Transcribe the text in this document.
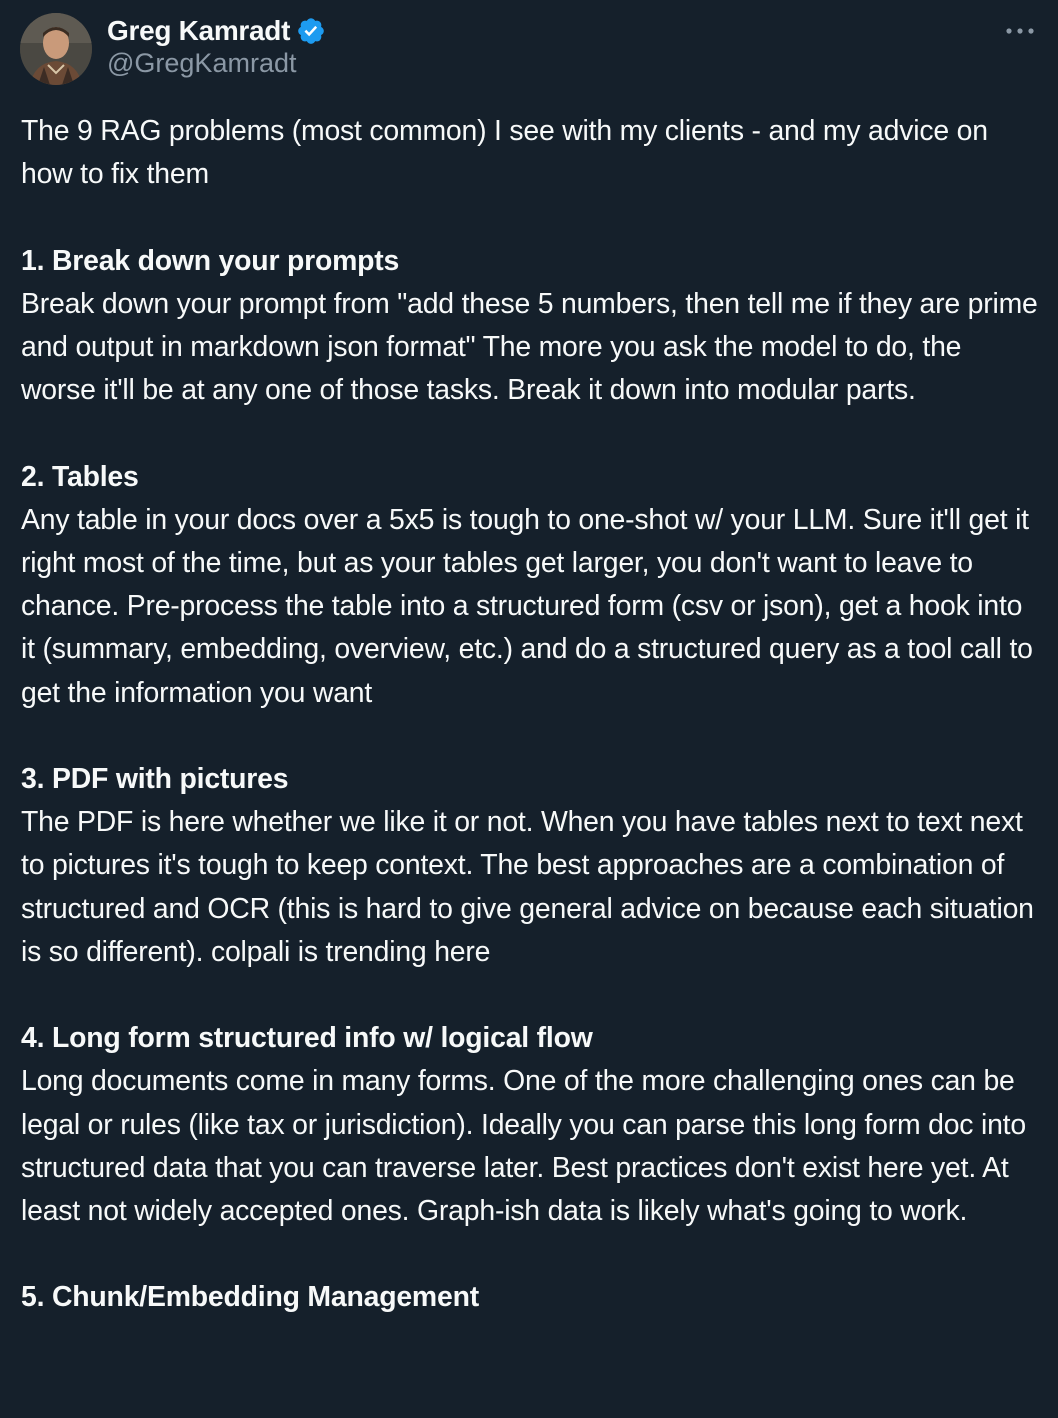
Greg Kamradt
@GregKamradt

The 9 RAG problems (most common) I see with my clients - and my advice on how to fix them

1. Break down your prompts

Break down your prompt from "add these 5 numbers, then tell me if they are prime and output in markdown json format" The more you ask the model to do, the worse it'll be at any one of those tasks. Break it down into modular parts.

2. Tables

Any table in your docs over a 5x5 is tough to one-shot w/ your LLM. Sure it'll get it right most of the time, but as your tables get larger, you don't want to leave to chance. Pre-process the table into a structured form (csv or json), get a hook into it (summary, embedding, overview, etc.) and do a structured query as a tool call to get the information you want

3. PDF with pictures

The PDF is here whether we like it or not. When you have tables next to text next to pictures it's tough to keep context. The best approaches are a combination of structured and OCR (this is hard to give general advice on because each situation is so different). colpali is trending here

4. Long form structured info w/ logical flow

Long documents come in many forms. One of the more challenging ones can be legal or rules (like tax or jurisdiction). Ideally you can parse this long form doc into structured data that you can traverse later. Best practices don't exist here yet. At least not widely accepted ones. Graph-ish data is likely what's going to work.

5. Chunk/Embedding Management
